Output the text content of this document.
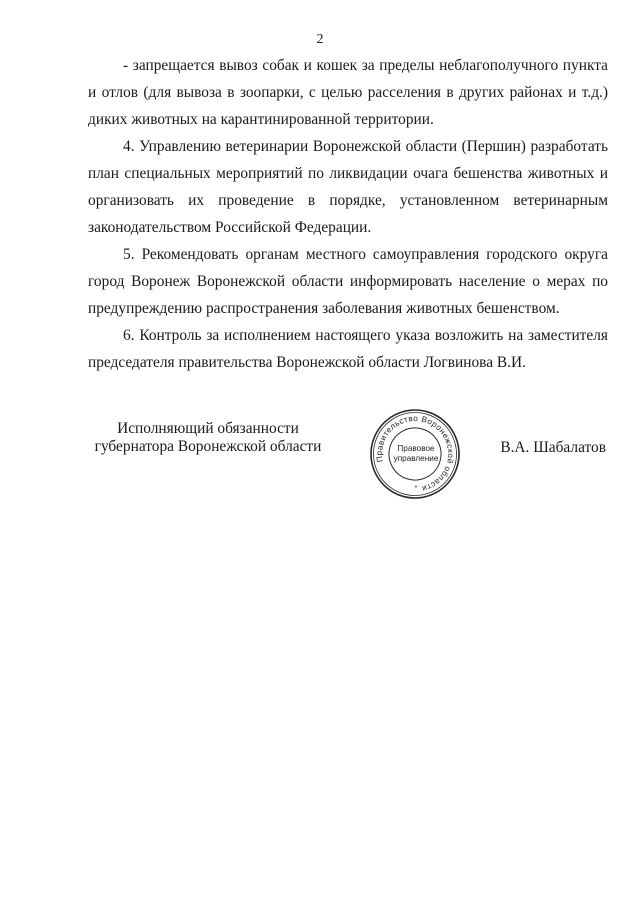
2

- запрещается вывоз собак и кошек за пределы неблагополучного пункта и отлов (для вывоза в зоопарки, с целью расселения в других районах и т.д.) диких животных на карантинированной территории.

4. Управлению ветеринарии Воронежской области (Першин) разработать план специальных мероприятий по ликвидации очага бешенства животных и организовать их проведение в порядке, установленном ветеринарным законодательством Российской Федерации.

5. Рекомендовать органам местного самоуправления городского округа город Воронеж Воронежской области информировать население о мерах по предупреждению распространения заболевания животных бешенством.

6. Контроль за исполнением настоящего указа возложить на заместителя председателя правительства Воронежской области Логвинова В.И.

Исполняющий обязанности
губернатора Воронежской области
Правительство Воронежской области
Правовое
управление
*
В.А. Шабалатов
